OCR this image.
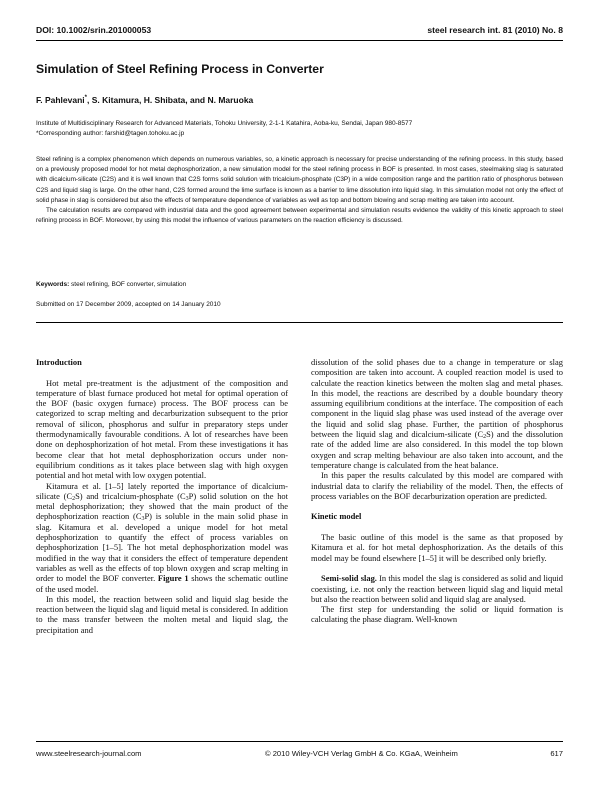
DOI: 10.1002/srin.201000053	steel research int. 81 (2010) No. 8
Simulation of Steel Refining Process in Converter
F. Pahlevani*, S. Kitamura, H. Shibata, and N. Maruoka
Institute of Multidisciplinary Research for Advanced Materials, Tohoku University, 2-1-1 Katahira, Aoba-ku, Sendai, Japan 980-8577
*Corresponding author: farshid@tagen.tohoku.ac.jp

Steel refining is a complex phenomenon which depends on numerous variables, so, a kinetic approach is necessary for precise understanding of the refining process. In this study, based on a previously proposed model for hot metal dephosphorization, a new simulation model for the steel refining process in BOF is presented. In most cases, steelmaking slag is saturated with dicalcium-silicate (C2S) and it is well known that C2S forms solid solution with tricalcium-phosphate (C3P) in a wide composition range and the partition ratio of phosphorus between C2S and liquid slag is large. On the other hand, C2S formed around the lime surface is known as a barrier to lime dissolution into liquid slag. In this simulation model not only the effect of solid phase in slag is considered but also the effects of temperature dependence of variables as well as top and bottom blowing and scrap melting are taken into account.

The calculation results are compared with industrial data and the good agreement between experimental and simulation results evidence the validity of this kinetic approach to steel refining process in BOF. Moreover, by using this model the influence of various parameters on the reaction efficiency is discussed.

Keywords: steel refining, BOF converter, simulation
Submitted on 17 December 2009, accepted on 14 January 2010

Introduction

Hot metal pre-treatment is the adjustment of the composition and temperature of blast furnace produced hot metal for optimal operation of the BOF (basic oxygen furnace) process. The BOF process can be categorized to scrap melting and decarburization subsequent to the prior removal of silicon, phosphorus and sulfur in preparatory steps under thermodynamically favourable conditions. A lot of researches have been done on dephosphorization of hot metal. From these investigations it has become clear that hot metal dephosphorization occurs under non-equilibrium conditions as it takes place between slag with high oxygen potential and hot metal with low oxygen potential.

Kitamura et al. [1–5] lately reported the importance of dicalcium-silicate $(C_2S)$ and tricalcium-phosphate $(C_3P)$ solid solution on the hot metal dephosphorization; they showed that the main product of the dephosphorization reaction $(C_3P)$ is soluble in the main solid phase in slag. Kitamura et al. developed a unique model for hot metal dephosphorization to quantify the effect of process variables on dephosphorization [1–5]. The hot metal dephosphorization model was modified in the way that it considers the effect of temperature dependent variables as well as the effects of top blown oxygen and scrap melting in order to model the BOF converter. Figure 1 shows the schematic outline of the used model.

In this model, the reaction between solid and liquid slag beside the reaction between the liquid slag and liquid metal is considered. In addition to the mass transfer between the molten metal and liquid slag, the precipitation and

dissolution of the solid phases due to a change in temperature or slag composition are taken into account. A coupled reaction model is used to calculate the reaction kinetics between the molten slag and metal phases. In this model, the reactions are described by a double boundary theory assuming equilibrium conditions at the interface. The composition of each component in the liquid slag phase was used instead of the average over the liquid and solid slag phase. Further, the partition of phosphorus between the liquid slag and dicalcium-silicate $(C_2S)$ and the dissolution rate of the added lime are also considered. In this model the top blown oxygen and scrap melting behaviour are also taken into account, and the temperature change is calculated from the heat balance.

In this paper the results calculated by this model are compared with industrial data to clarify the reliability of the model. Then, the effects of process variables on the BOF decarburization operation are predicted.

Kinetic model

The basic outline of this model is the same as that proposed by Kitamura et al. for hot metal dephosphorization. As the details of this model may be found elsewhere [1–5] it will be described only briefly.

Semi-solid slag. In this model the slag is considered as solid and liquid coexisting, i.e. not only the reaction between liquid slag and liquid metal but also the reaction between solid and liquid slag are analysed.

The first step for understanding the solid or liquid formation is calculating the phase diagram. Well-known

www.steelresearch-journal.com	© 2010 Wiley-VCH Verlag GmbH & Co. KGaA, Weinheim	617
